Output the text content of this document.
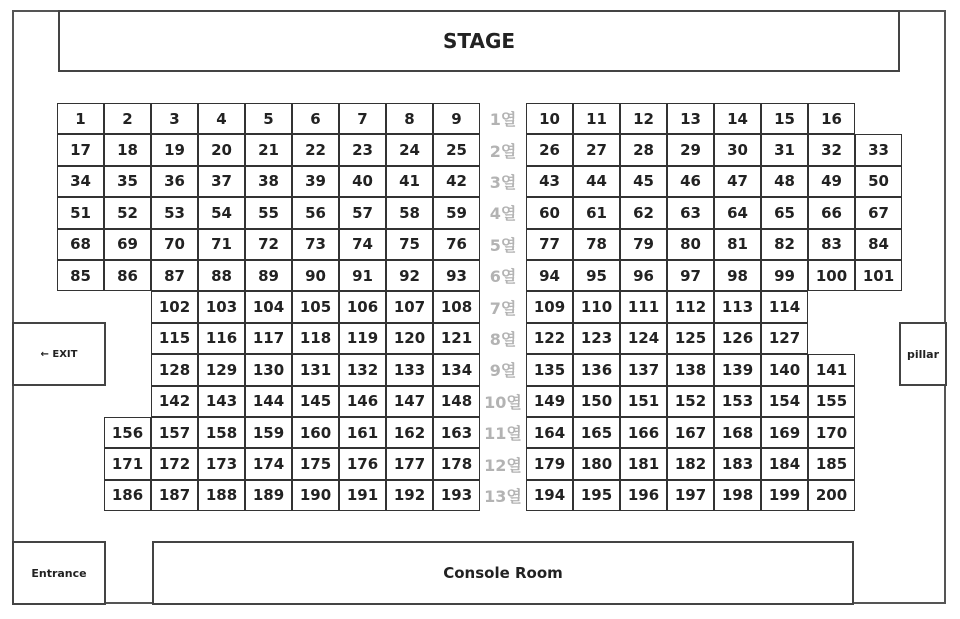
STAGE
← EXIT	pillar
Entrance	Console Room
1	2	3	4	5	6	7	8	9	1열	10	11	12	13	14	15	16
17	18	19	20	21	22	23	24	25	2열	26	27	28	29	30	31	32	33
34	35	36	37	38	39	40	41	42	3열	43	44	45	46	47	48	49	50
51	52	53	54	55	56	57	58	59	4열	60	61	62	63	64	65	66	67
68	69	70	71	72	73	74	75	76	5열	77	78	79	80	81	82	83	84
85	86	87	88	89	90	91	92	93	6열	94	95	96	97	98	99	100	101
102	103	104	105	106	107	108	7열	109	110	111	112	113	114
115	116	117	118	119	120	121	8열	122	123	124	125	126	127
128	129	130	131	132	133	134	9열	135	136	137	138	139	140	141
142	143	144	145	146	147	148 10열 149	150	151	152	153	154	155
156	157	158	159	160	161	162	163 11열 164	165	166	167	168	169	170
171	172	173	174	175	176	177	178 12열 179	180	181	182	183	184	185
186	187	188	189	190	191	192	193 13열 194	195	196	197	198	199	200
